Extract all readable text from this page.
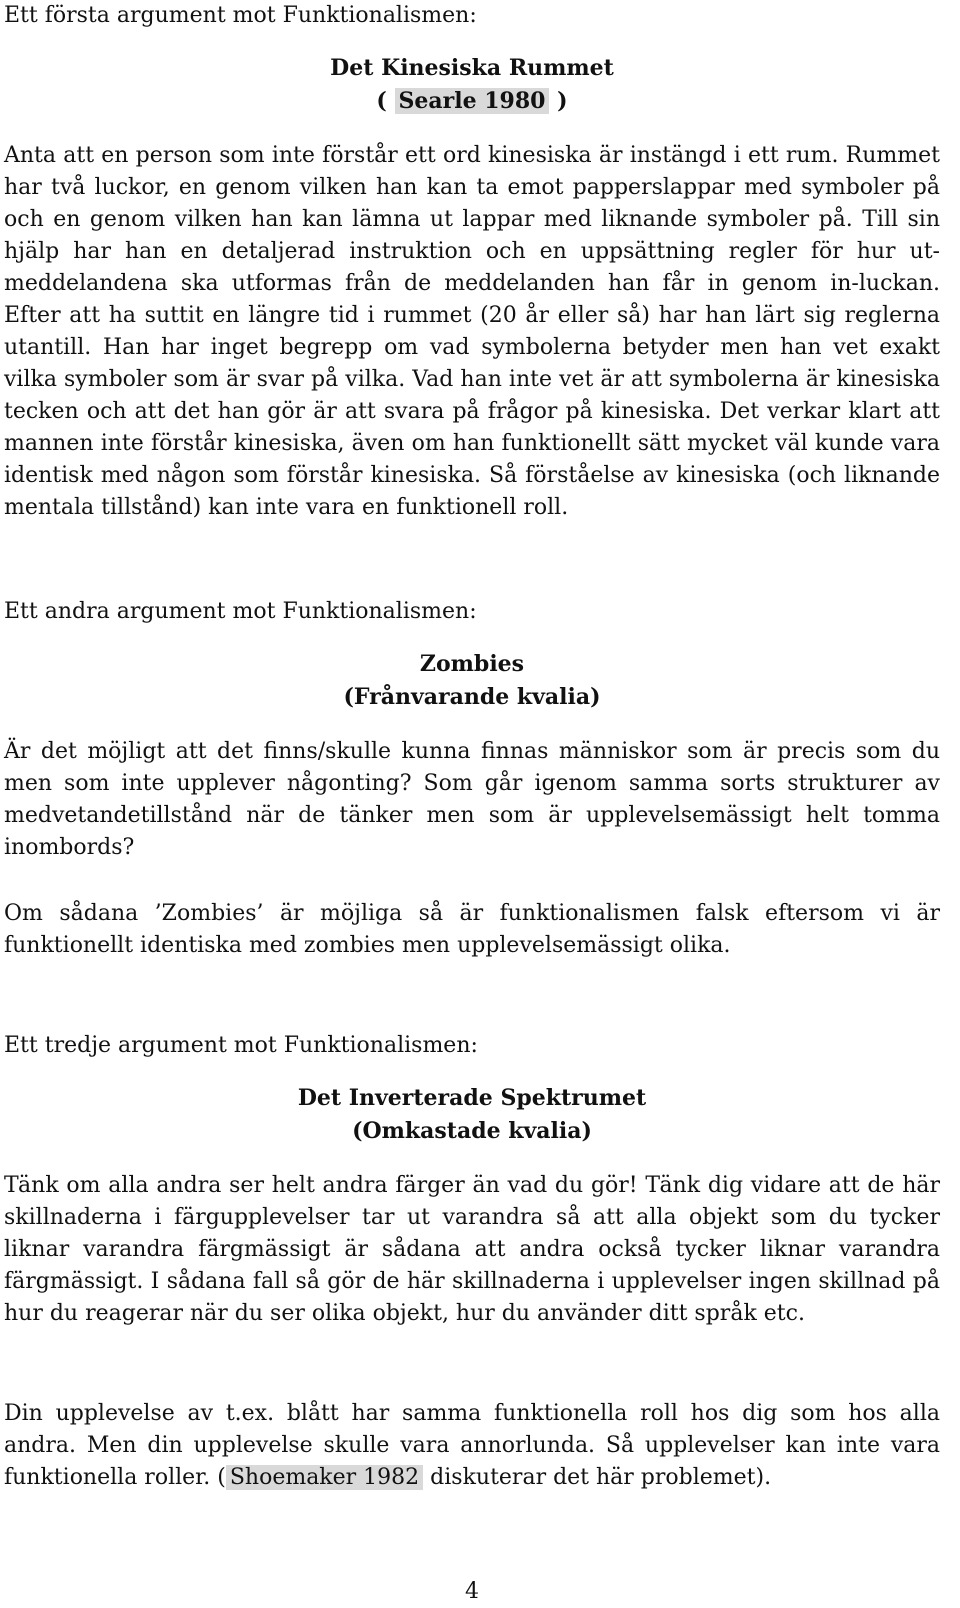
Ett första argument mot Funktionalismen:

Det Kinesiska Rummet

( Searle 1980 )

Anta att en person som inte förstår ett ord kinesiska är instängd i ett rum. Rummet har två luckor, en genom vilken han kan ta emot papperslappar med symboler på och en genom vilken han kan lämna ut lappar med liknande symboler på. Till sin hjälp har han en detaljerad instruktion och en uppsättning regler för hur ut-meddelandena ska utformas från de meddelanden han får in genom in-luckan. Efter att ha suttit en längre tid i rummet (20 år eller så) har han lärt sig reglerna utantill. Han har inget begrepp om vad symbolerna betyder men han vet exakt vilka symboler som är svar på vilka. Vad han inte vet är att symbolerna är kinesiska tecken och att det han gör är att svara på frågor på kinesiska. Det verkar klart att mannen inte förstår kinesiska, även om han funktionellt sätt mycket väl kunde vara identisk med någon som förstår kinesiska. Så förståelse av kinesiska (och liknande mentala tillstånd) kan inte vara en funktionell roll.

Ett andra argument mot Funktionalismen:

Zombies

(Frånvarande kvalia)

Är det möjligt att det finns/skulle kunna finnas människor som är precis som du men som inte upplever någonting? Som går igenom samma sorts strukturer av medvetandetillstånd när de tänker men som är upplevelsemässigt helt tomma inombords?

Om sådana ’Zombies’ är möjliga så är funktionalismen falsk eftersom vi är funktionellt identiska med zombies men upplevelsemässigt olika.

Ett tredje argument mot Funktionalismen:

Det Inverterade Spektrumet

(Omkastade kvalia)

Tänk om alla andra ser helt andra färger än vad du gör! Tänk dig vidare att de här skillnaderna i färgupplevelser tar ut varandra så att alla objekt som du tycker liknar varandra färgmässigt är sådana att andra också tycker liknar varandra färgmässigt. I sådana fall så gör de här skillnaderna i upplevelser ingen skillnad på hur du reagerar när du ser olika objekt, hur du använder ditt språk etc.

Din upplevelse av t.ex. blått har samma funktionella roll hos dig som hos alla andra. Men din upplevelse skulle vara annorlunda. Så upplevelser kan inte vara funktionella roller. ( Shoemaker 1982 diskuterar det här problemet).

4
